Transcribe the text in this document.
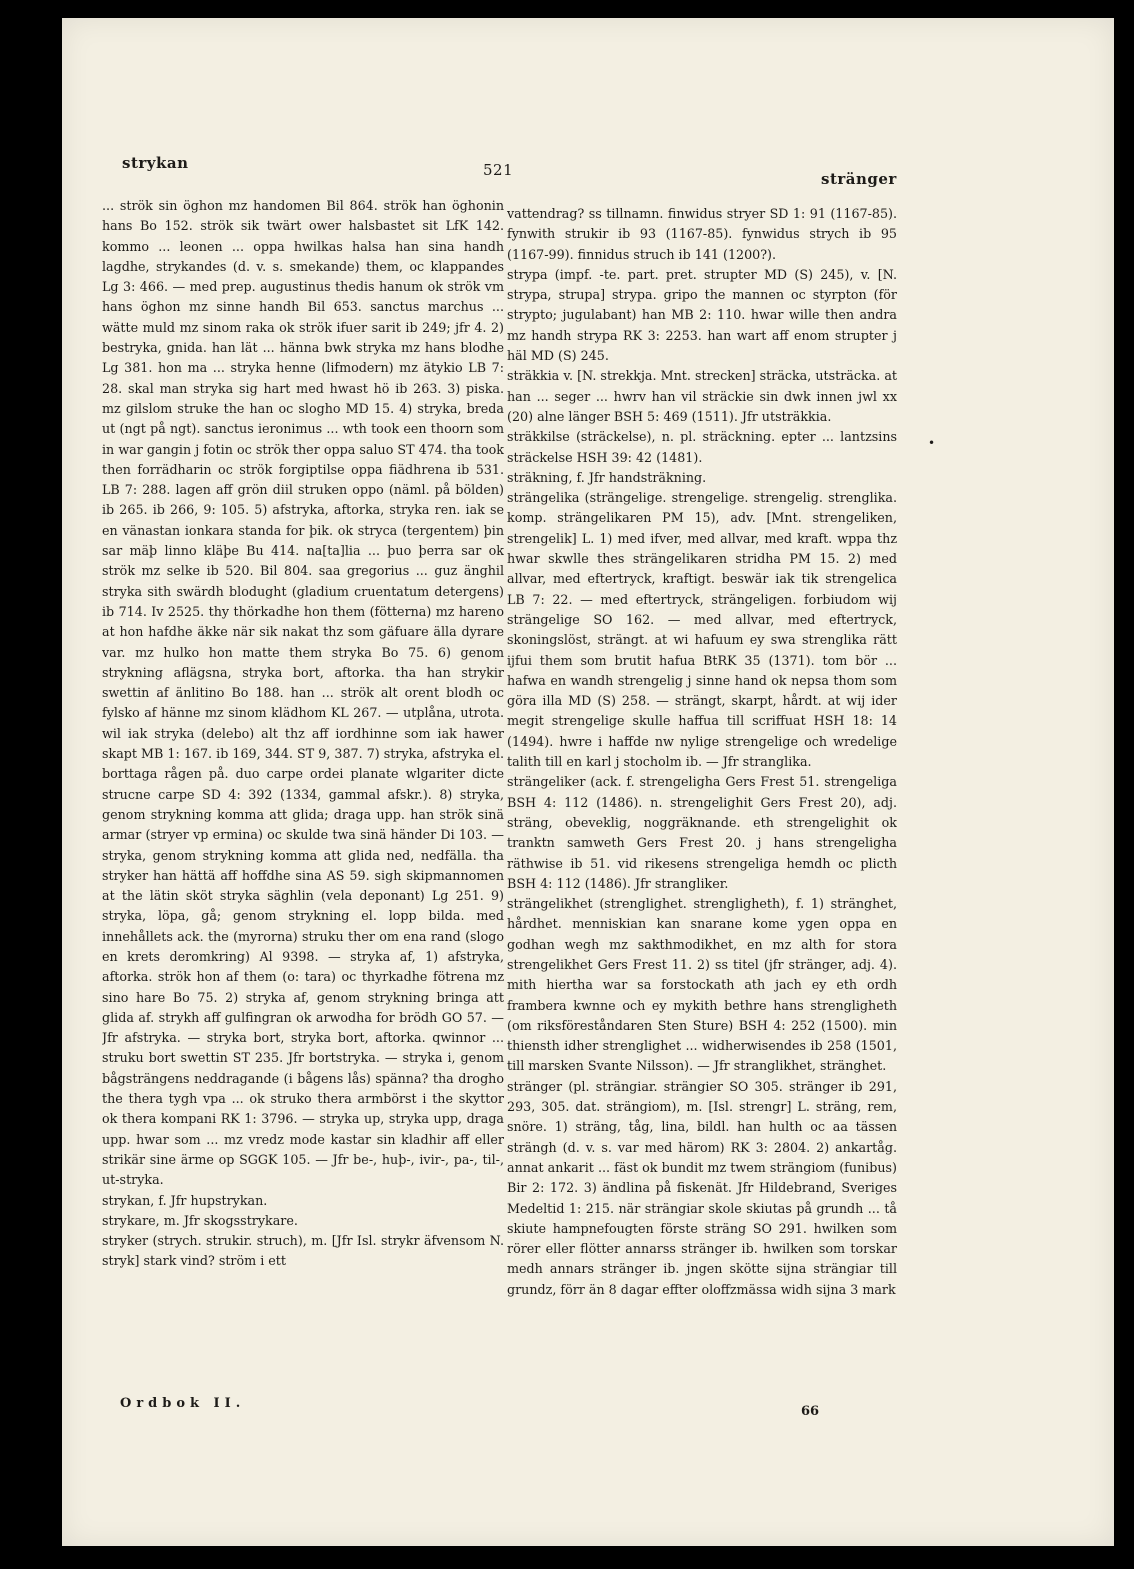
strykan	521	stränger

... strök sin öghon mz handomen Bil 864. strök han öghonin hans Bo 152. strök sik twärt ower halsbastet sit LfK 142. kommo ... leonen ... oppa hwilkas halsa han sina handh lagdhe, strykandes (d. v. s. smekande) them, oc klappandes Lg 3: 466. — med prep. augustinus thedis hanum ok strök vm hans öghon mz sinne handh Bil 653. sanctus marchus ... wätte muld mz sinom raka ok strök ifuer sarit ib 249; jfr 4. 2) bestryka, gnida. han lät ... hänna bwk stryka mz hans blodhe Lg 381. hon ma ... stryka henne (lifmodern) mz ätykio LB 7: 28. skal man stryka sig hart med hwast hö ib 263. 3) piska. mz gilslom struke the han oc slogho MD 15. 4) stryka, breda ut (ngt på ngt). sanctus ieronimus ... wth took een thoorn som in war gangin j fotin oc strök ther oppa saluo ST 474. tha took then forrädharin oc strök forgiptilse oppa fiädhrena ib 531. LB 7: 288. lagen aff grön diil struken oppo (näml. på bölden) ib 265. ib 266, 9: 105. 5) afstryka, aftorka, stryka ren. iak se en vänastan ionkara standa for þik. ok stryca (tergentem) þin sar mäþ linno kläþe Bu 414. na[ta]lia ... þuo þerra sar ok strök mz selke ib 520. Bil 804. saa gregorius ... guz änghil stryka sith swärdh blodught (gladium cruentatum detergens) ib 714. Iv 2525. thy thörkadhe hon them (fötterna) mz hareno at hon hafdhe äkke när sik nakat thz som gäfuare älla dyrare var. mz hulko hon matte them stryka Bo 75. 6) genom strykning aflägsna, stryka bort, aftorka. tha han strykir swettin af änlitino Bo 188. han ... strök alt orent blodh oc fylsko af hänne mz sinom klädhom KL 267. — utplåna, utrota. wil iak stryka (delebo) alt thz aff iordhinne som iak hawer skapt MB 1: 167. ib 169, 344. ST 9, 387. 7) stryka, afstryka el. borttaga rågen på. duo carpe ordei planate wlgariter dicte strucne carpe SD 4: 392 (1334, gammal afskr.). 8) stryka, genom strykning komma att glida; draga upp. han strök sinä armar (stryer vp ermina) oc skulde twa sinä händer Di 103. — stryka, genom strykning komma att glida ned, nedfälla. tha stryker han hättä aff hoffdhe sina AS 59. sigh skipmannomen at the lätin sköt stryka säghlin (vela deponant) Lg 251. 9) stryka, löpa, gå; genom strykning el. lopp bilda. med innehållets ack. the (myrorna) struku ther om ena rand (slogo en krets deromkring) Al 9398. — stryka af, 1) afstryka, aftorka. strök hon af them (o: tara) oc thyrkadhe fötrena mz sino hare Bo 75. 2) stryka af, genom strykning bringa att glida af. strykh aff gulfingran ok arwodha for brödh GO 57. — Jfr afstryka. — stryka bort, stryka bort, aftorka. qwinnor ... struku bort swettin ST 235. Jfr bortstryka. — stryka i, genom bågsträngens neddragande (i bågens lås) spänna? tha drogho the thera tygh vpa ... ok struko thera armbörst i the skyttor ok thera kompani RK 1: 3796. — stryka up, stryka upp, draga upp. hwar som ... mz vredz mode kastar sin kladhir aff eller strikär sine ärme op SGGK 105. — Jfr be-, huþ-, ivir-, pa-, til-, ut-stryka.

strykan, f. Jfr hupstrykan.

strykare, m. Jfr skogsstrykare.

stryker (strych. strukir. struch), m. [Jfr Isl. strykr äfvensom N. stryk] stark vind? ström i ett

vattendrag? ss tillnamn. finwidus stryer SD 1: 91 (1167-85). fynwith strukir ib 93 (1167-85). fynwidus strych ib 95 (1167-99). finnidus struch ib 141 (1200?).

strypa (impf. -te. part. pret. strupter MD (S) 245), v. [N. strypa, strupa] strypa. gripo the mannen oc styrpton (för strypto; jugulabant) han MB 2: 110. hwar wille then andra mz handh strypa RK 3: 2253. han wart aff enom strupter j häl MD (S) 245.

sträkkia v. [N. strekkja. Mnt. strecken] sträcka, utsträcka. at han ... seger ... hwrv han vil sträckie sin dwk innen jwl xx (20) alne länger BSH 5: 469 (1511). Jfr utsträkkia.

sträkkilse (sträckelse), n. pl. sträckning. epter ... lantzsins sträckelse HSH 39: 42 (1481).

sträkning, f. Jfr handsträkning.

strängelika (strängelige. strengelige. strengelig. strenglika. komp. strängelikaren PM 15), adv. [Mnt. strengeliken, strengelik] L. 1) med ifver, med allvar, med kraft. wppa thz hwar skwlle thes strängelikaren stridha PM 15. 2) med allvar, med eftertryck, kraftigt. beswär iak tik strengelica LB 7: 22. — med eftertryck, strängeligen. forbiudom wij strängelige SO 162. — med allvar, med eftertryck, skoningslöst, strängt. at wi hafuum ey swa strenglika rätt ijfui them som brutit hafua BtRK 35 (1371). tom bör ... hafwa en wandh strengelig j sinne hand ok nepsa thom som göra illa MD (S) 258. — strängt, skarpt, hårdt. at wij ider megit strengelige skulle haffua till scriffuat HSH 18: 14 (1494). hwre i haffde nw nylige strengelige och wredelige talith till en karl j stocholm ib. — Jfr stranglika.

strängeliker (ack. f. strengeligha Gers Frest 51. strengeliga BSH 4: 112 (1486). n. strengelighit Gers Frest 20), adj. sträng, obeveklig, noggräknande. eth strengelighit ok tranktn samweth Gers Frest 20. j hans strengeligha räthwise ib 51. vid rikesens strengeliga hemdh oc plicth BSH 4: 112 (1486). Jfr strangliker.

strängelikhet (strenglighet. strengligheth), f. 1) stränghet, hårdhet. menniskian kan snarane kome ygen oppa en godhan wegh mz sakthmodikhet, en mz alth for stora strengelikhet Gers Frest 11. 2) ss titel (jfr stränger, adj. 4). mith hiertha war sa forstockath ath jach ey eth ordh framberа kwnne och ey mykith bethre hans strenglighеth (om riksföreståndaren Sten Sture) BSH 4: 252 (1500). min thiensth idher strenglighet ... widherwisendes ib 258 (1501, till marsken Svante Nilsson). — Jfr stranglikhet, stränghet.

stränger (pl. strängiar. strängier SO 305. stränger ib 291, 293, 305. dat. strängiom), m. [Isl. strengr] L. sträng, rem, snöre. 1) sträng, tåg, lina, bildl. han hulth oc aa tässen strängh (d. v. s. var med härom) RK 3: 2804. 2) ankartåg. annat ankarit ... fäst ok bundit mz twem strängiom (funibus) Bir 2: 172. 3) ändlina på fiskenät. Jfr Hildebrand, Sveriges Medeltid 1: 215. när strängiar skole skiutas på grundh ... tå skiute hampnefougten förste sträng SO 291. hwilken som rörer eller flötter annarss stränger ib. hwilken som torskar medh annars stränger ib. jngen skötte sijna strängiar till grundz, förr än 8 dagar effter oloffzmässa widh sijna 3 mark

Ordbok II.
66
•
